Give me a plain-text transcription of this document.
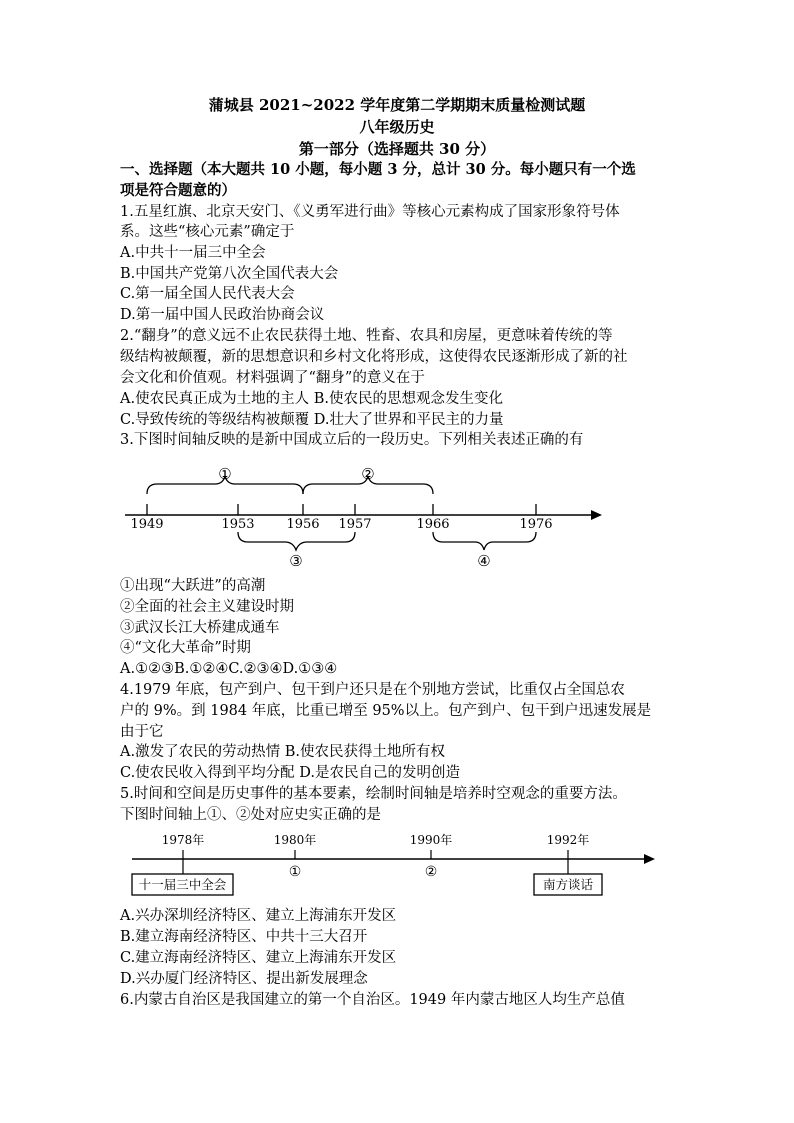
蒲城县 2021~2022 学年度第二学期期末质量检测试题
八年级历史
第一部分（选择题共 30 分）
一、选择题（本大题共 10 小题，每小题 3 分，总计 30 分。每小题只有一个选
项是符合题意的）
1.五星红旗、北京天安门、《义勇军进行曲》等核心元素构成了国家形象符号体
系。这些“核心元素”确定于
A.中共十一届三中全会
B.中国共产党第八次全国代表大会
C.第一届全国人民代表大会
D.第一届中国人民政治协商会议
2.“翻身”的意义远不止农民获得土地、牲畜、农具和房屋，更意味着传统的等
级结构被颠覆，新的思想意识和乡村文化将形成，这使得农民逐渐形成了新的社
会文化和价值观。材料强调了“翻身”的意义在于
A.使农民真正成为土地的主人 B.使农民的思想观念发生变化
C.导致传统的等级结构被颠覆 D.壮大了世界和平民主的力量
3.下图时间轴反映的是新中国成立后的一段历史。下列相关表述正确的有
①	②
1949	1953 1956 1957	1966	1976
③	④
①出现“大跃进”的高潮
②全面的社会主义建设时期
③武汉长江大桥建成通车
④“文化大革命”时期
A.①②③B.①②④C.②③④D.①③④
4.1979 年底，包产到户、包干到户还只是在个别地方尝试，比重仅占全国总农
户的 9%。到 1984 年底，比重已增至 95%以上。包产到户、包干到户迅速发展是
由于它
A.激发了农民的劳动热情 B.使农民获得土地所有权
C.使农民收入得到平均分配 D.是农民自己的发明创造
5.时间和空间是历史事件的基本要素，绘制时间轴是培养时空观念的重要方法。
下图时间轴上①、②处对应史实正确的是
1978年	1980年	1990年	1992年
十一届三中全会	南方谈话
①	②
A.兴办深圳经济特区、建立上海浦东开发区
B.建立海南经济特区、中共十三大召开
C.建立海南经济特区、建立上海浦东开发区
D.兴办厦门经济特区、提出新发展理念
6.内蒙古自治区是我国建立的第一个自治区。1949 年内蒙古地区人均生产总值
